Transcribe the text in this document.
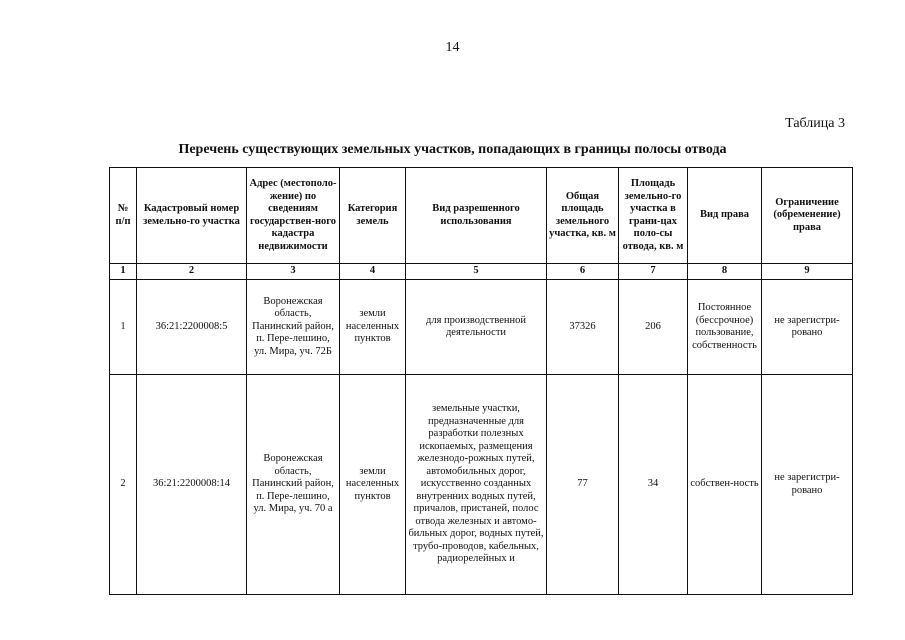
14
Таблица 3
Перечень существующих земельных участков, попадающих в границы полосы отвода
№ п/п	Кадастровый номер земельно-го участка	Адрес (местополо-жение) по сведениям государствен-ного кадастра недвижимости	Категория земель	Вид разрешенного использования	Общая площадь земельного участка, кв. м	Площадь земельно-го участка в грани-цах поло-сы отвода, кв. м	Вид права	Ограничение (обременение) права
1	2	3	4	5	6	7	8	9
1	36:21:2200008:5	Воронежская область, Панинский район, п. Пере-лешино, ул. Мира, уч. 72Б	земли населенных пунктов	для производственной деятельности	37326	206	Постоянное (бессрочное) пользование, собственность	не зарегистри-ровано
2	36:21:2200008:14	Воронежская область, Панинский район, п. Пере-лешино, ул. Мира, уч. 70 а	земли населенных пунктов	земельные участки, предназначенные для разработки полезных ископаемых, размещения железнодо-рожных путей, автомобильных дорог, искусственно созданных внутренних водных путей, причалов, пристаней, полос отвода железных и автомо-бильных дорог, водных путей, трубо-проводов, кабельных, радиорелейных и	77	34	собствен-ность	не зарегистри-ровано
